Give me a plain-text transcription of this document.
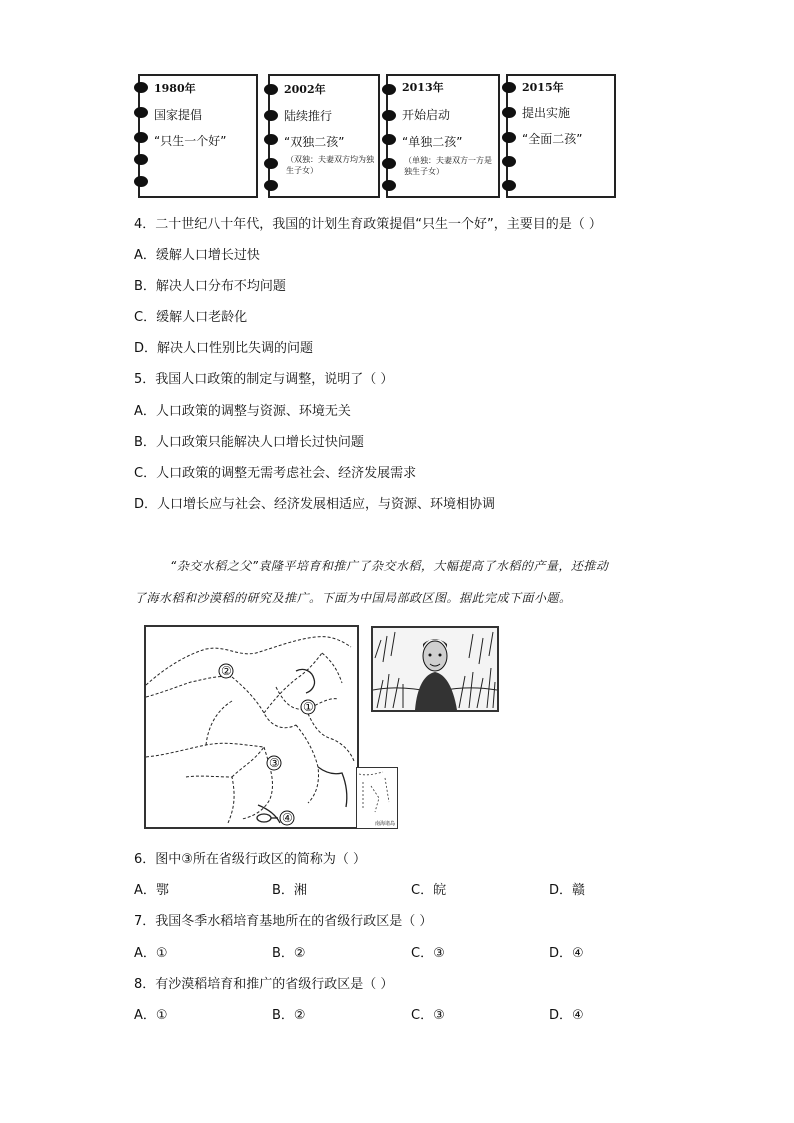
1980年
国家提倡
“只生一个好”
2002年
陆续推行
“双独二孩”
（双独：夫妻双方均为独生子女）
2013年
开始启动
“单独二孩”
（单独：夫妻双方一方是独生子女）
2015年
提出实施
“全面二孩”
4．二十世纪八十年代，我国的计划生育政策提倡“只生一个好”，主要目的是（ ）
A．缓解人口增长过快
B．解决人口分布不均问题
C．缓解人口老龄化
D．解决人口性别比失调的问题
5．我国人口政策的制定与调整，说明了（ ）
A．人口政策的调整与资源、环境无关
B．人口政策只能解决人口增长过快问题
C．人口政策的调整无需考虑社会、经济发展需求
D．人口增长应与社会、经济发展相适应，与资源、环境相协调
“杂交水稻之父”袁隆平培育和推广了杂交水稻，大幅提高了水稻的产量，还推动
了海水稻和沙漠稻的研究及推广。下面为中国局部政区图。据此完成下面小题。
②
①
③
④	南海诸岛
6．图中③所在省级行政区的简称为（ ）
A．鄂	B．湘	C．皖	D．赣
7．我国冬季水稻培育基地所在的省级行政区是（ ）
A．①	B．②	C．③	D．④
8．有沙漠稻培育和推广的省级行政区是（ ）
A．①	B．②	C．③	D．④
